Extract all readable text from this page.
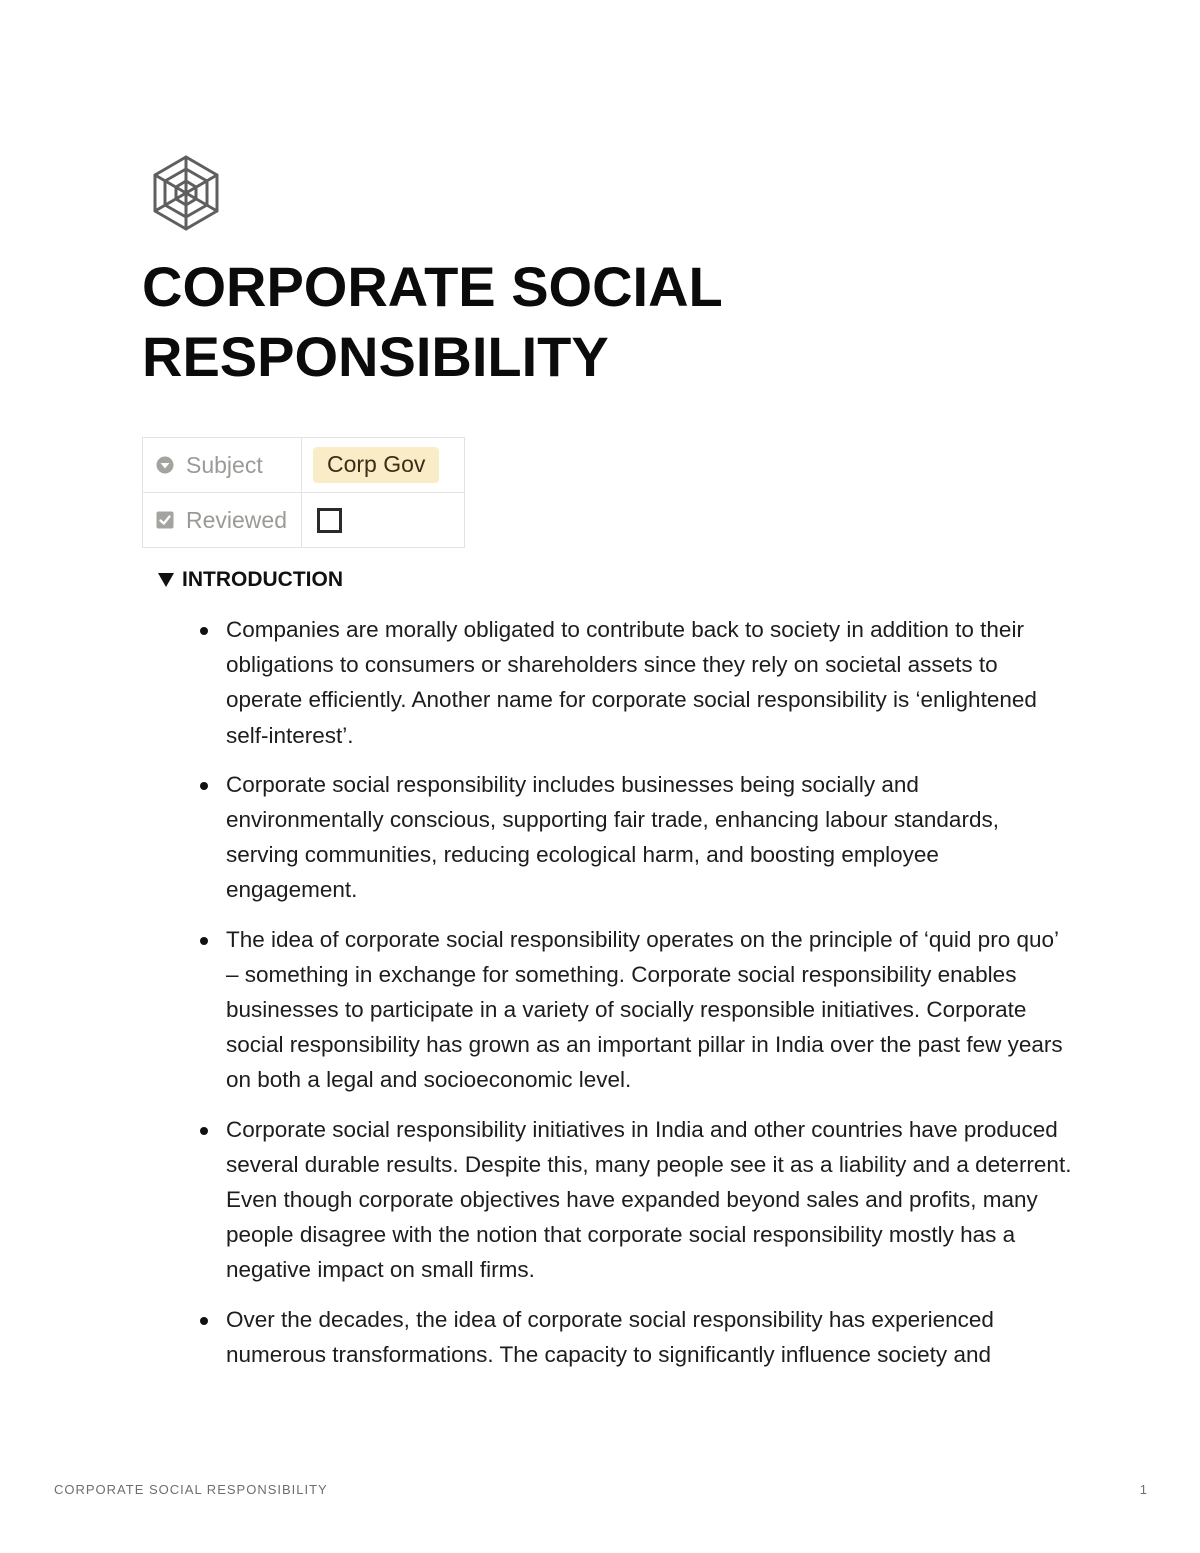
CORPORATE SOCIAL RESPONSIBILITY
Subject	Corp Gov

Reviewed	

INTRODUCTION
Companies are morally obligated to contribute back to society in addition to their obligations to consumers or shareholders since they rely on societal assets to operate efficiently. Another name for corporate social responsibility is ‘enlightened self-interest’.
Corporate social responsibility includes businesses being socially and environmentally conscious, supporting fair trade, enhancing labour standards, serving communities, reducing ecological harm, and boosting employee engagement.
The idea of corporate social responsibility operates on the principle of ‘quid pro quo’ – something in exchange for something. Corporate social responsibility enables businesses to participate in a variety of socially responsible initiatives. Corporate social responsibility has grown as an important pillar in India over the past few years on both a legal and socioeconomic level.
Corporate social responsibility initiatives in India and other countries have produced several durable results. Despite this, many people see it as a liability and a deterrent. Even though corporate objectives have expanded beyond sales and profits, many people disagree with the notion that corporate social responsibility mostly has a negative impact on small firms.
Over the decades, the idea of corporate social responsibility has experienced numerous transformations. The capacity to significantly influence society and
CORPORATE SOCIAL RESPONSIBILITY	1
